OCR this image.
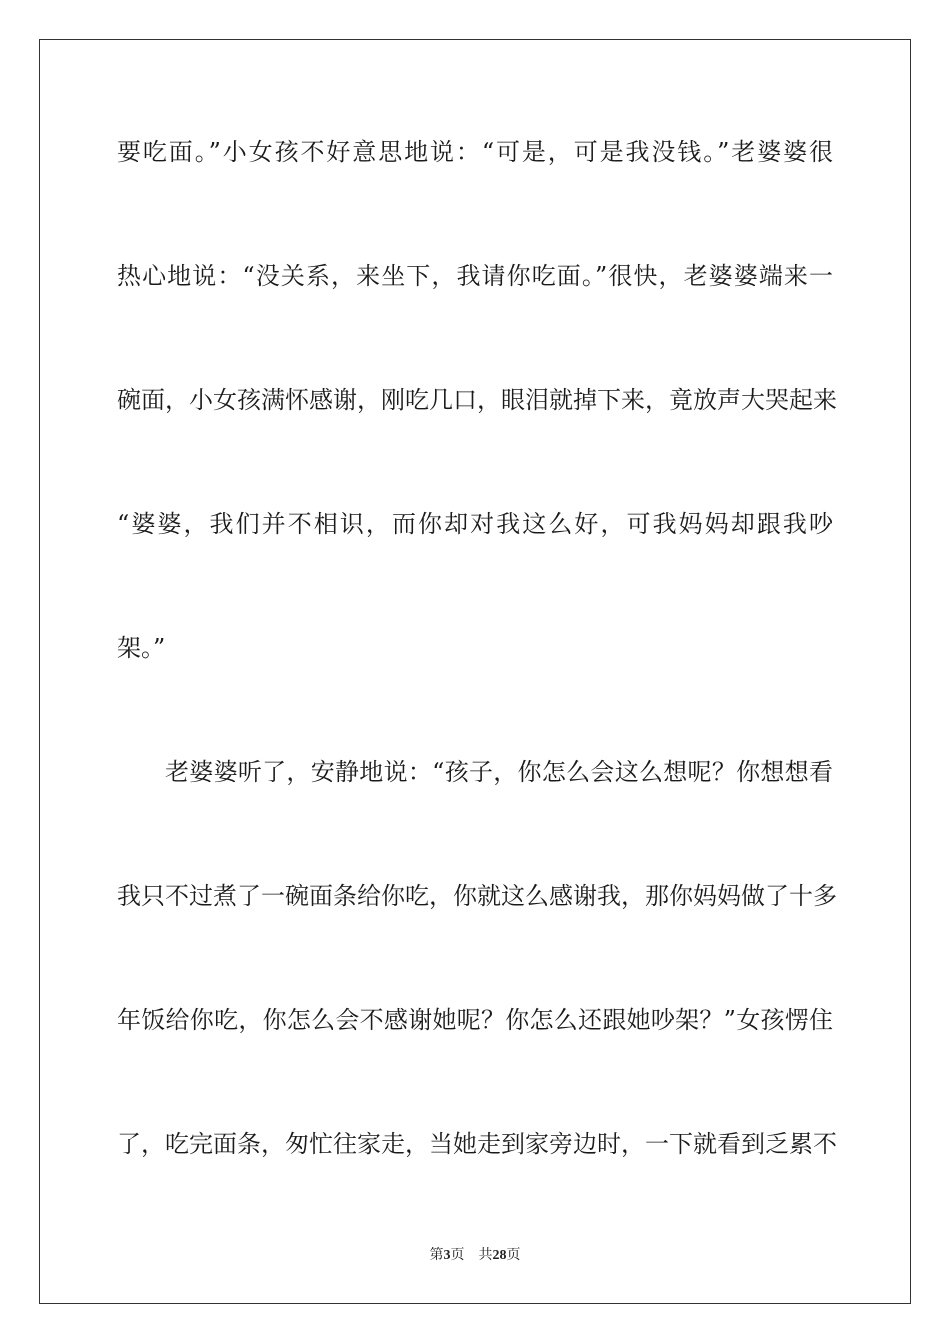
要吃面。”小女孩不好意思地说：“可是，可是我没钱。”老婆婆很
热心地说：“没关系，来坐下，我请你吃面。”很快，老婆婆端来一
碗面，小女孩满怀感谢，刚吃几口，眼泪就掉下来，竟放声大哭起来
“婆婆，我们并不相识，而你却对我这么好，可我妈妈却跟我吵
架。”
老婆婆听了，安静地说：“孩子，你怎么会这么想呢？你想想看
我只不过煮了一碗面条给你吃，你就这么感谢我，那你妈妈做了十多
年饭给你吃，你怎么会不感谢她呢？你怎么还跟她吵架？”女孩愣住
了，吃完面条，匆忙往家走，当她走到家旁边时，一下就看到乏累不
第3页 共28页
